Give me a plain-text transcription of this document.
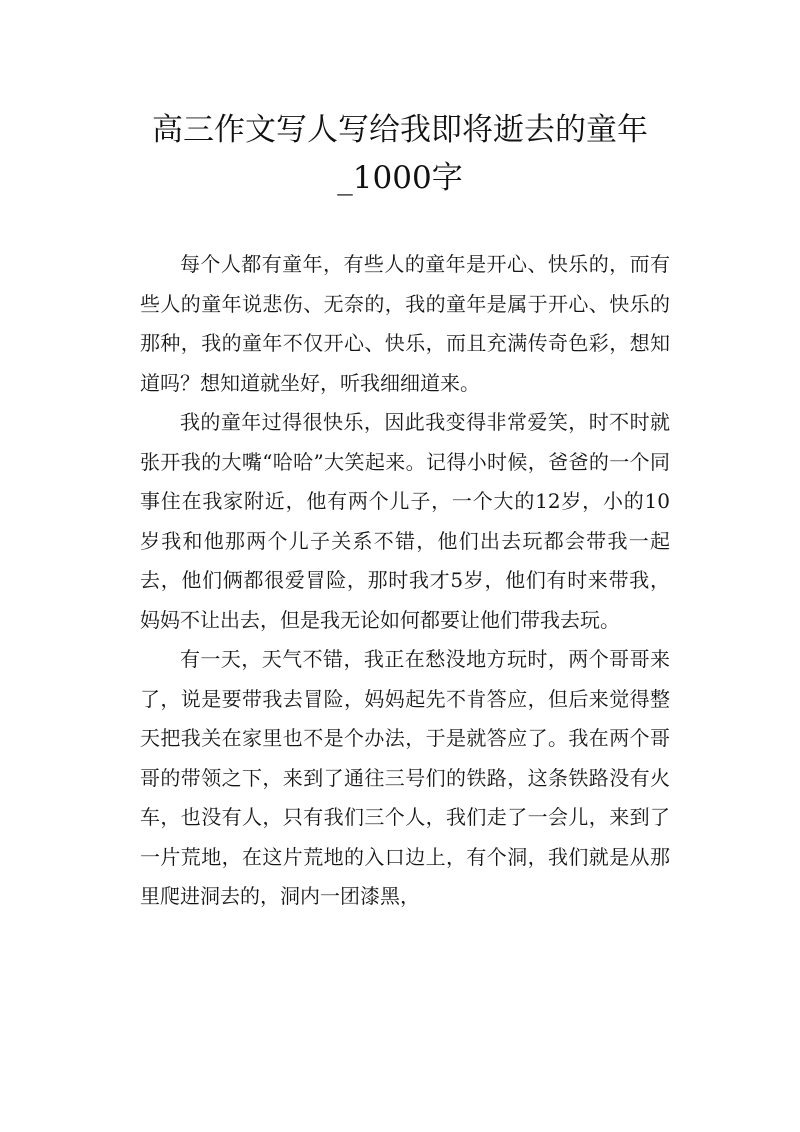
高三作文写人写给我即将逝去的童年
_1000字

每个人都有童年，有些人的童年是开心、快乐的，而有些人的童年说悲伤、无奈的，我的童年是属于开心、快乐的那种，我的童年不仅开心、快乐，而且充满传奇色彩，想知道吗？想知道就坐好，听我细细道来。

我的童年过得很快乐，因此我变得非常爱笑，时不时就张开我的大嘴“哈哈”大笑起来。记得小时候，爸爸的一个同事住在我家附近，他有两个儿子，一个大的12岁，小的10岁我和他那两个儿子关系不错，他们出去玩都会带我一起去，他们俩都很爱冒险，那时我才5岁，他们有时来带我，妈妈不让出去，但是我无论如何都要让他们带我去玩。

有一天，天气不错，我正在愁没地方玩时，两个哥哥来了，说是要带我去冒险，妈妈起先不肯答应，但后来觉得整天把我关在家里也不是个办法，于是就答应了。我在两个哥哥的带领之下，来到了通往三号们的铁路，这条铁路没有火车，也没有人，只有我们三个人，我们走了一会儿，来到了一片荒地，在这片荒地的入口边上，有个洞，我们就是从那里爬进洞去的，洞内一团漆黑，
